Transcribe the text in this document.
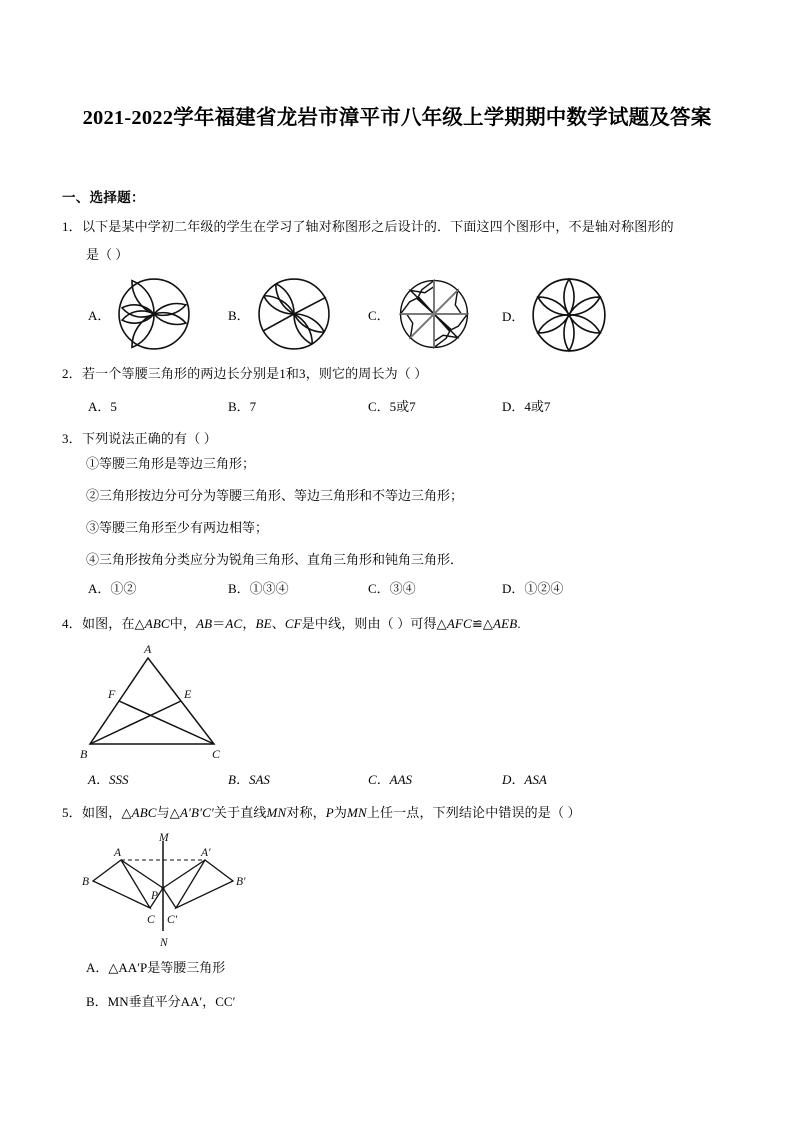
2021-2022学年福建省龙岩市漳平市八年级上学期期中数学试题及答案
一、选择题：
1．以下是某中学初二年级的学生在学习了轴对称图形之后设计的．下面这四个图形中，不是轴对称图形的
是（ ）
A．	B．	C．	D．
2．若一个等腰三角形的两边长分别是1和3，则它的周长为（ ）
A．5	B．7	C．5或7	D．4或7
3．下列说法正确的有（ ）
①等腰三角形是等边三角形；
②三角形按边分可分为等腰三角形、等边三角形和不等边三角形；
③等腰三角形至少有两边相等；
④三角形按角分类应分为锐角三角形、直角三角形和钝角三角形．
A．①②	B．①③④	C．③④	D．①②④
4．如图，在△ABC中，AB＝AC，BE、CF是中线，则由（ ）可得△AFC≌△AEB.
A
F	E
B	C
A．SSS	B．SAS	C．AAS	D．ASA
5．如图，△ABC与△A′B′C′关于直线MN对称，P为MN上任一点，下列结论中错误的是（ ）
M
N
A
B
C
P
A′
B′
C′
A．△AA′P是等腰三角形
B．MN垂直平分AA′，CC′
